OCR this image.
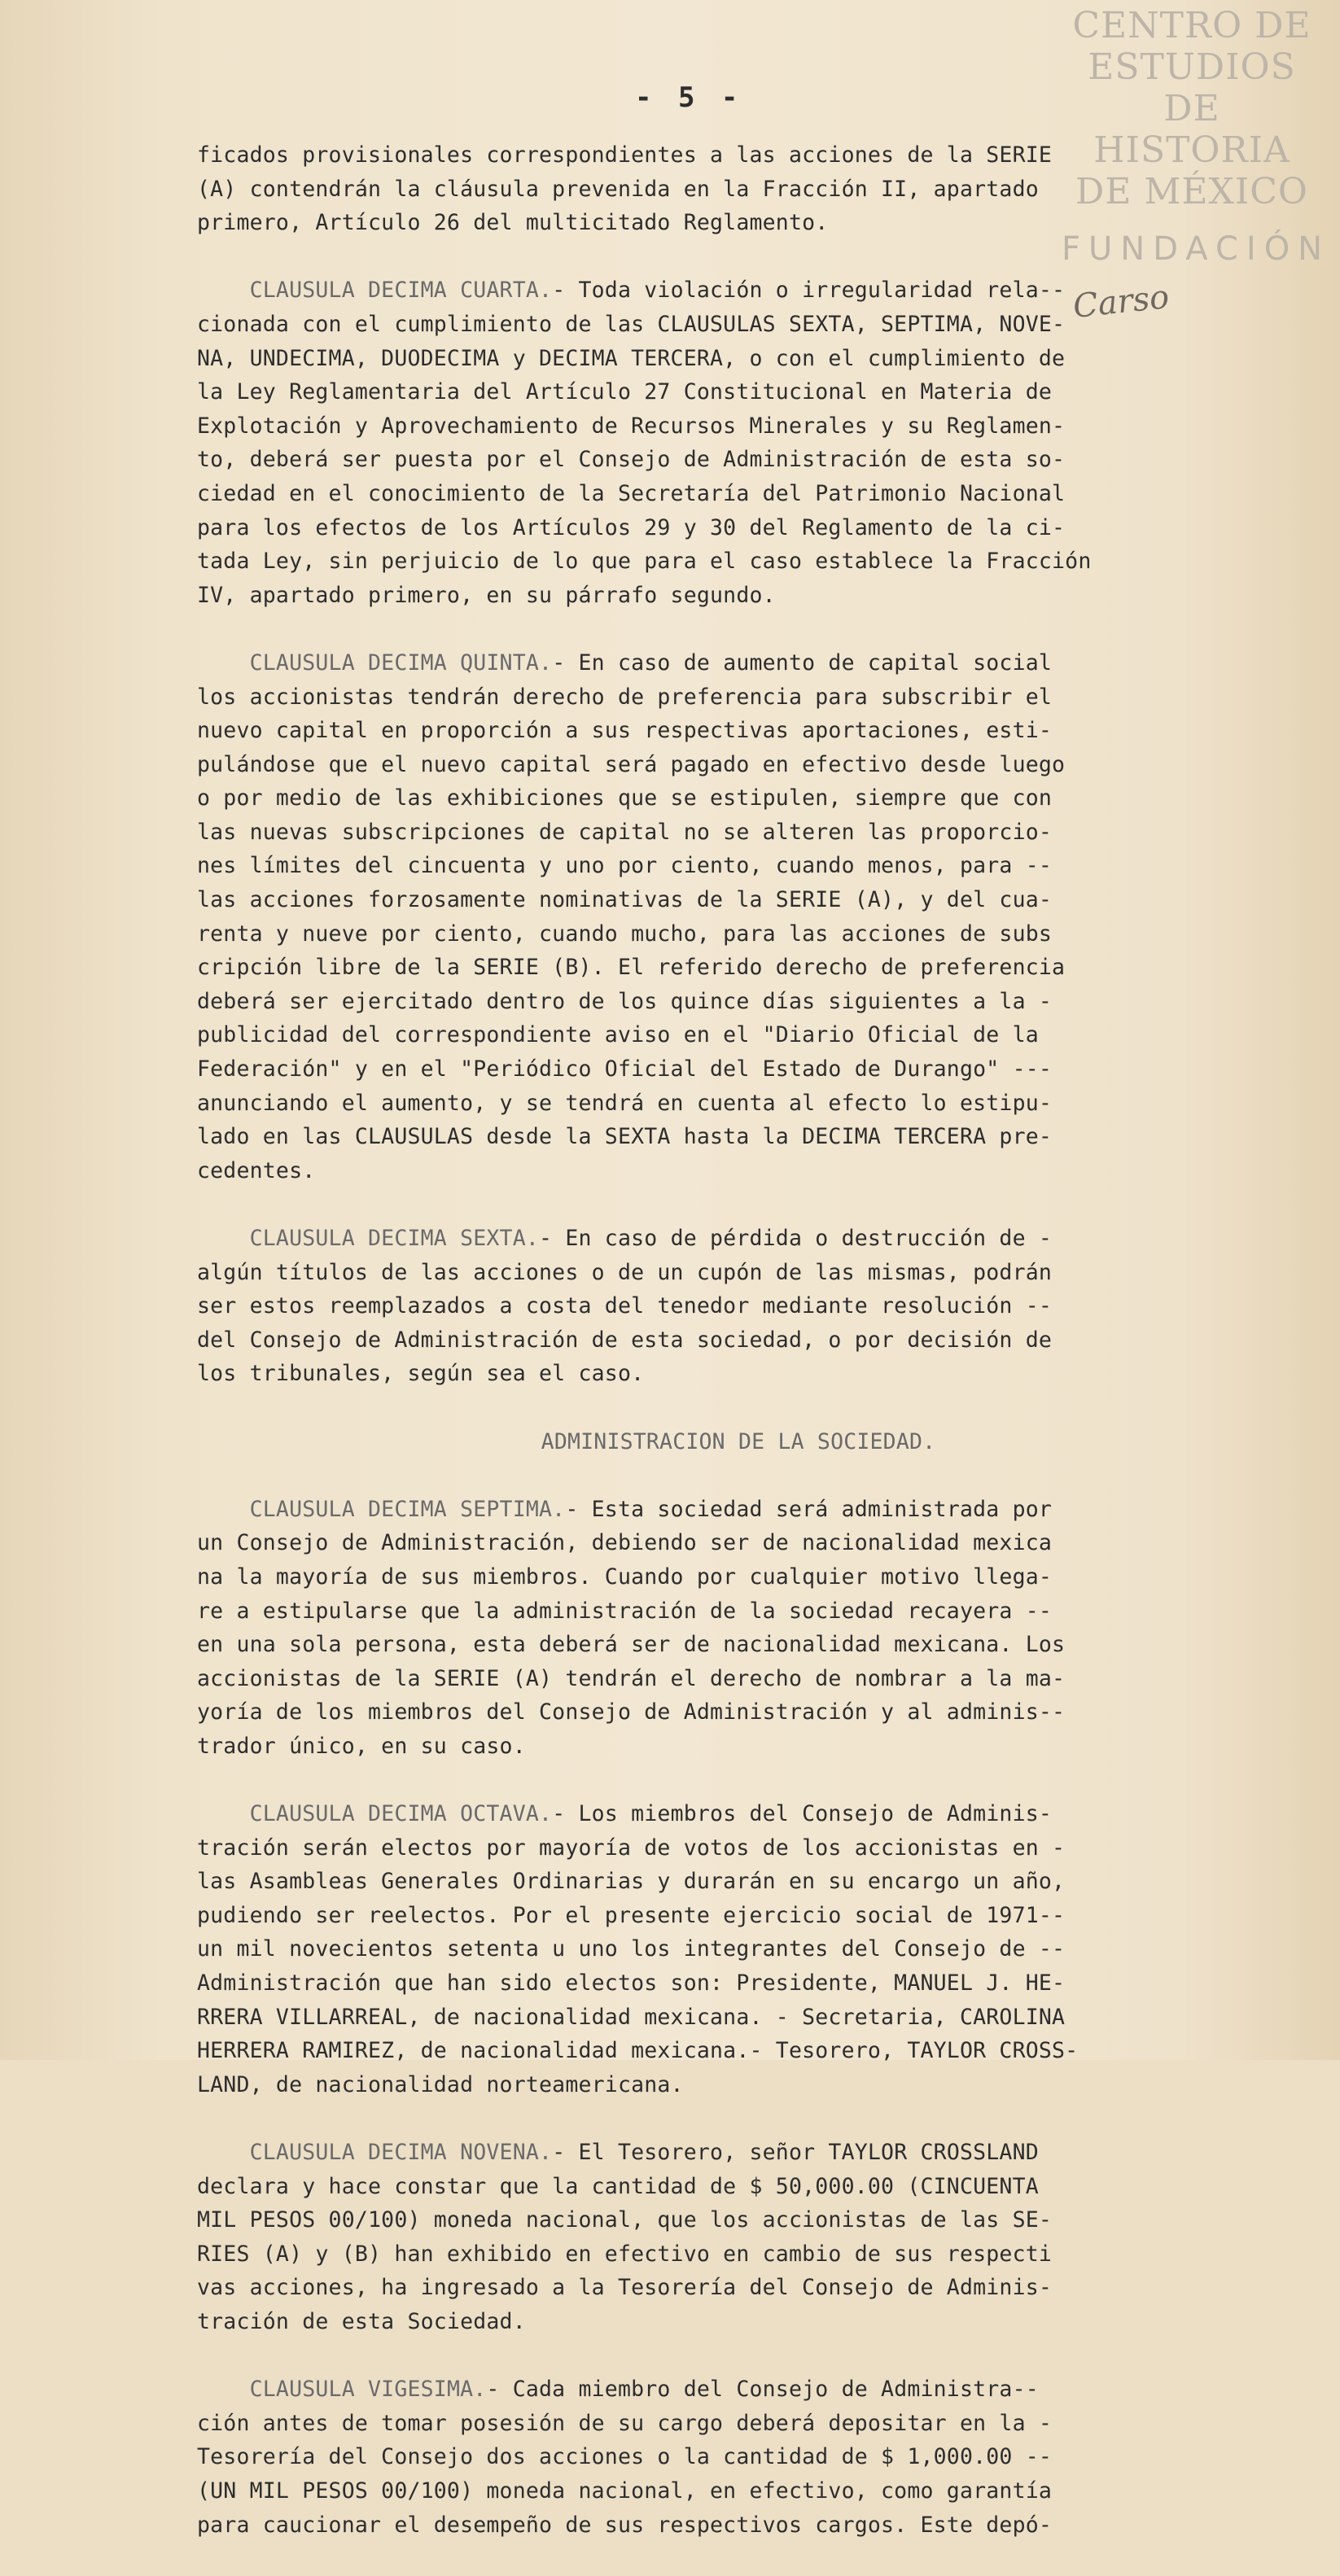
CENTRO DE
ESTUDIOS
DE HISTORIA
DE MÉXICO
FUNDACIÓN
Carso
- 5 -
ficados provisionales correspondientes a las acciones de la SERIE
(A) contendrán la cláusula prevenida en la Fracción II, apartado
primero, Artículo 26 del multicitado Reglamento.
CLAUSULA DECIMA CUARTA.- Toda violación o irregularidad rela--
cionada con el cumplimiento de las CLAUSULAS SEXTA, SEPTIMA, NOVE-
NA, UNDECIMA, DUODECIMA y DECIMA TERCERA, o con el cumplimiento de
la Ley Reglamentaria del Artículo 27 Constitucional en Materia de
Explotación y Aprovechamiento de Recursos Minerales y su Reglamen-
to, deberá ser puesta por el Consejo de Administración de esta so-
ciedad en el conocimiento de la Secretaría del Patrimonio Nacional
para los efectos de los Artículos 29 y 30 del Reglamento de la ci-
tada Ley, sin perjuicio de lo que para el caso establece la Fracción
IV, apartado primero, en su párrafo segundo.
CLAUSULA DECIMA QUINTA.- En caso de aumento de capital social
los accionistas tendrán derecho de preferencia para subscribir el
nuevo capital en proporción a sus respectivas aportaciones, esti-
pulándose que el nuevo capital será pagado en efectivo desde luego
o por medio de las exhibiciones que se estipulen, siempre que con
las nuevas subscripciones de capital no se alteren las proporcio-
nes límites del cincuenta y uno por ciento, cuando menos, para --
las acciones forzosamente nominativas de la SERIE (A), y del cua-
renta y nueve por ciento, cuando mucho, para las acciones de subs
cripción libre de la SERIE (B). El referido derecho de preferencia
deberá ser ejercitado dentro de los quince días siguientes a la -
publicidad del correspondiente aviso en el "Diario Oficial de la
Federación" y en el "Periódico Oficial del Estado de Durango" ---
anunciando el aumento, y se tendrá en cuenta al efecto lo estipu-
lado en las CLAUSULAS desde la SEXTA hasta la DECIMA TERCERA pre-
cedentes.
CLAUSULA DECIMA SEXTA.- En caso de pérdida o destrucción de -
algún títulos de las acciones o de un cupón de las mismas, podrán
ser estos reemplazados a costa del tenedor mediante resolución --
del Consejo de Administración de esta sociedad, o por decisión de
los tribunales, según sea el caso.
ADMINISTRACION DE LA SOCIEDAD.
CLAUSULA DECIMA SEPTIMA.- Esta sociedad será administrada por
un Consejo de Administración, debiendo ser de nacionalidad mexica
na la mayoría de sus miembros. Cuando por cualquier motivo llega-
re a estipularse que la administración de la sociedad recayera --
en una sola persona, esta deberá ser de nacionalidad mexicana. Los
accionistas de la SERIE (A) tendrán el derecho de nombrar a la ma-
yoría de los miembros del Consejo de Administración y al adminis--
trador único, en su caso.
CLAUSULA DECIMA OCTAVA.- Los miembros del Consejo de Adminis-
tración serán electos por mayoría de votos de los accionistas en -
las Asambleas Generales Ordinarias y durarán en su encargo un año,
pudiendo ser reelectos. Por el presente ejercicio social de 1971--
un mil novecientos setenta u uno los integrantes del Consejo de --
Administración que han sido electos son: Presidente, MANUEL J. HE-
RRERA VILLARREAL, de nacionalidad mexicana. - Secretaria, CAROLINA
HERRERA RAMIREZ, de nacionalidad mexicana.- Tesorero, TAYLOR CROSS-
LAND, de nacionalidad norteamericana.
CLAUSULA DECIMA NOVENA.- El Tesorero, señor TAYLOR CROSSLAND
declara y hace constar que la cantidad de $ 50,000.00 (CINCUENTA
MIL PESOS 00/100) moneda nacional, que los accionistas de las SE-
RIES (A) y (B) han exhibido en efectivo en cambio de sus respecti
vas acciones, ha ingresado a la Tesorería del Consejo de Adminis-
tración de esta Sociedad.
CLAUSULA VIGESIMA.- Cada miembro del Consejo de Administra--
ción antes de tomar posesión de su cargo deberá depositar en la -
Tesorería del Consejo dos acciones o la cantidad de $ 1,000.00 --
(UN MIL PESOS 00/100) moneda nacional, en efectivo, como garantía
para caucionar el desempeño de sus respectivos cargos. Este depó-
